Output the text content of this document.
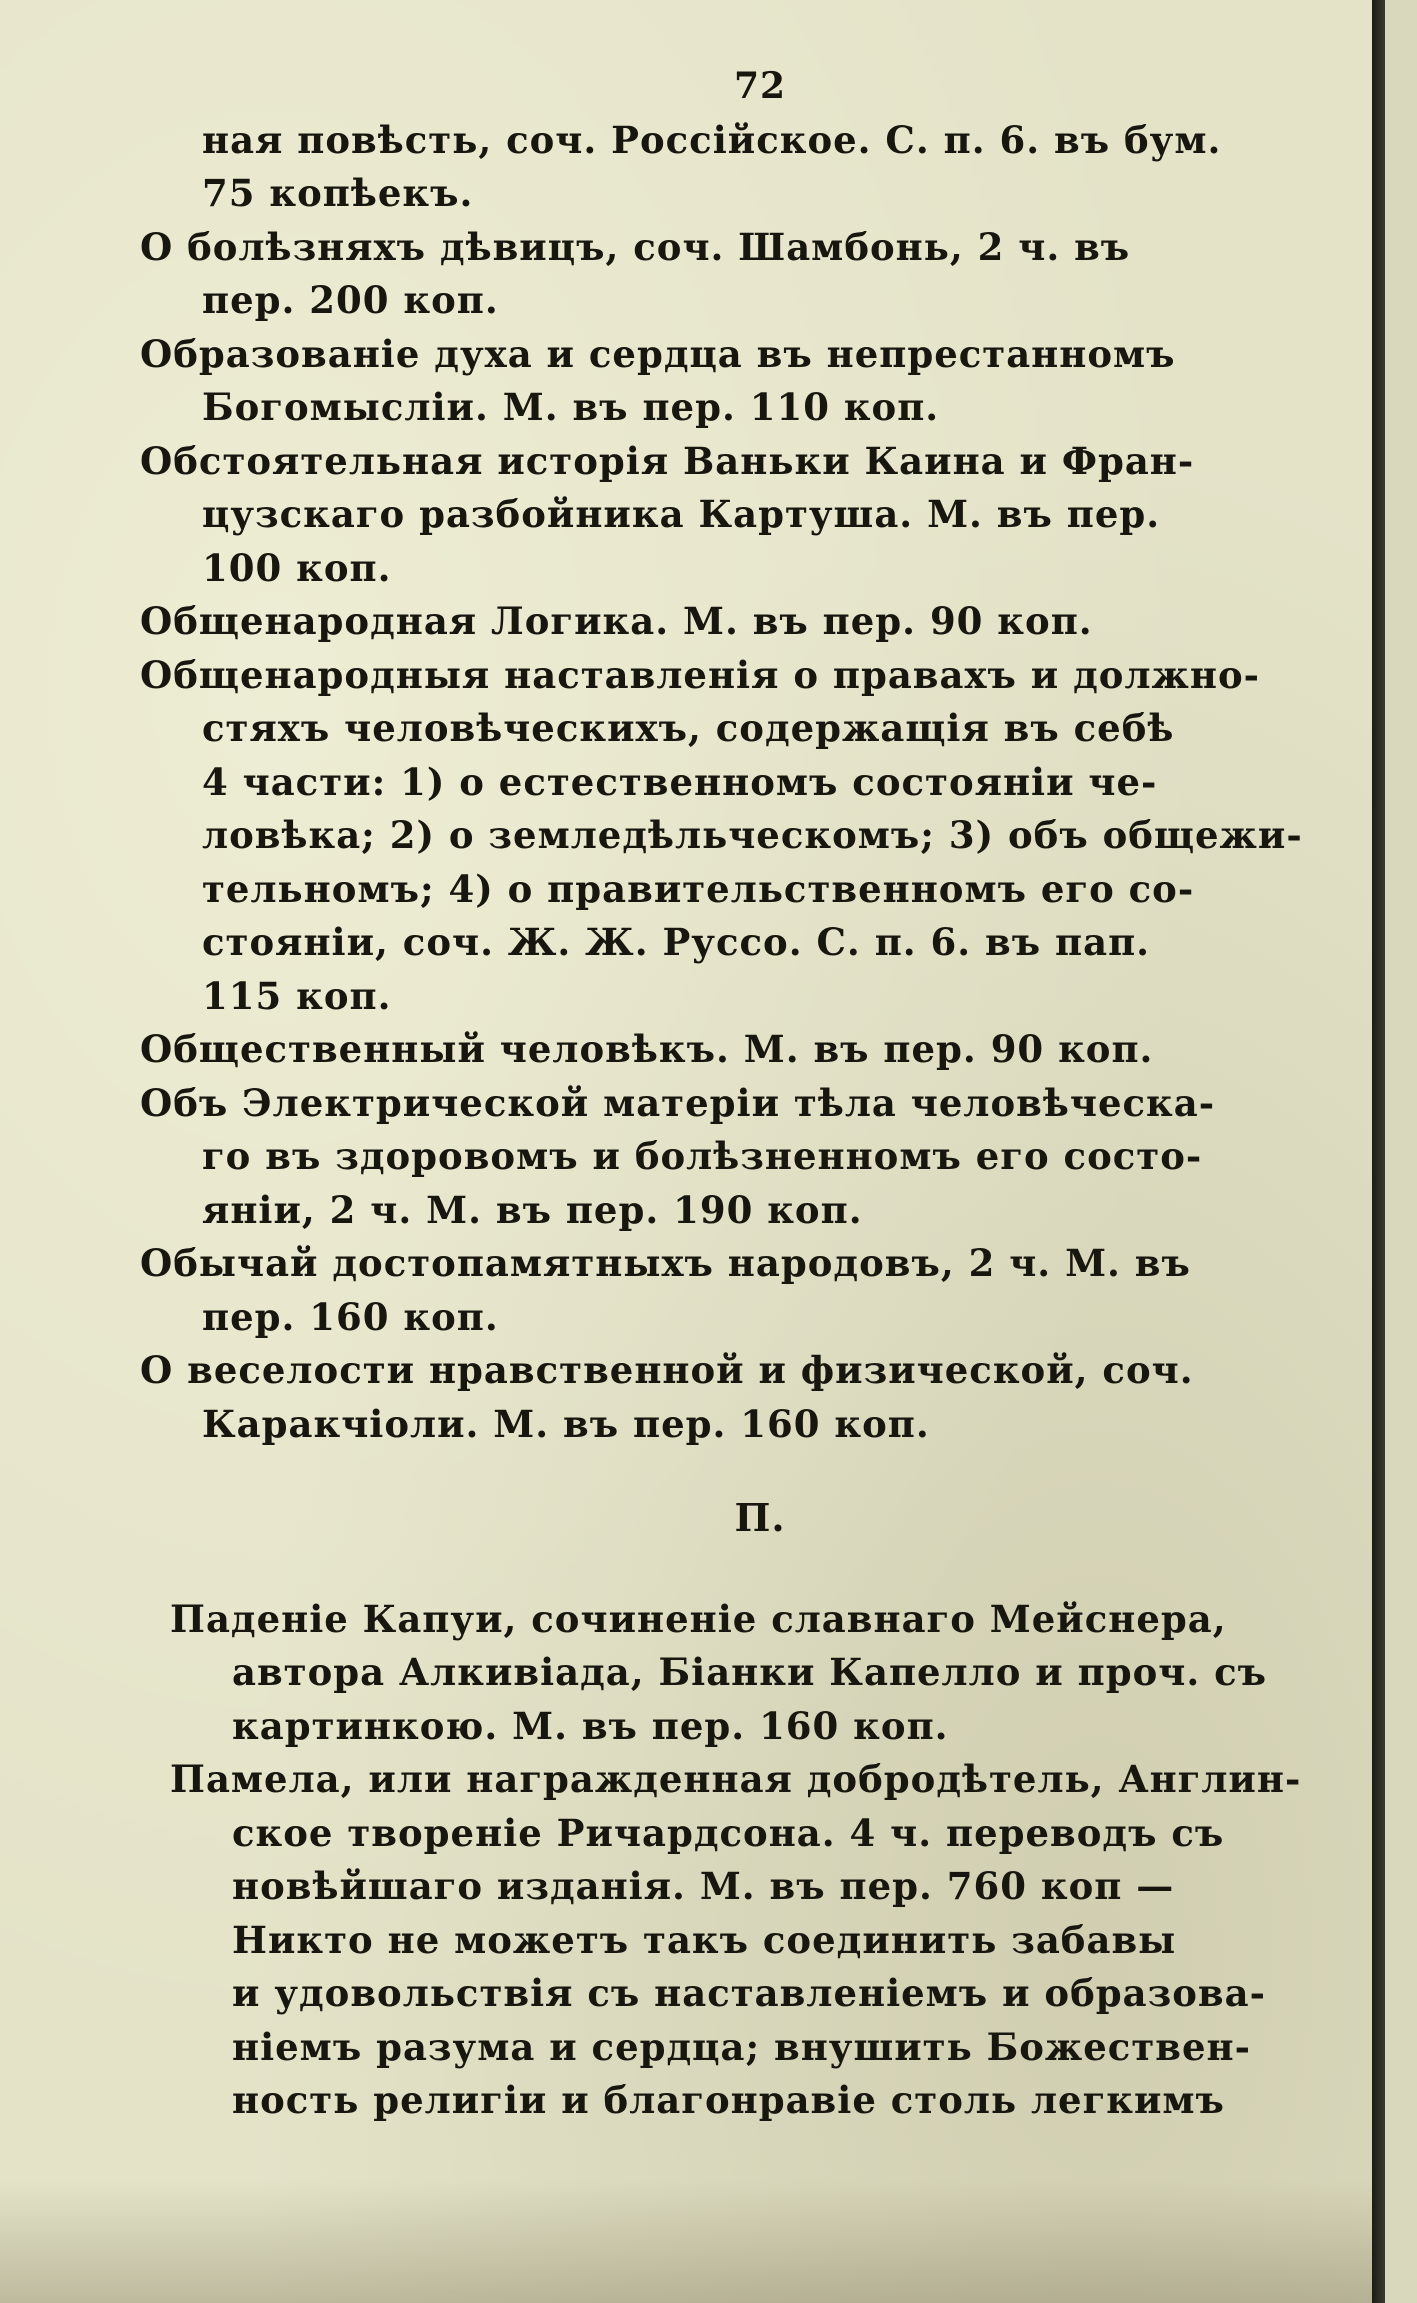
72
ная повѣсть, соч. Россійское. С. п. 6. въ бум.
75 копѣекъ.
О болѣзняхъ дѣвицъ, соч. Шамбонь, 2 ч. въ
пер. 200 коп.
Образованіе духа и сердца въ непрестанномъ
Богомысліи. М. въ пер. 110 коп.
Обстоятельная исторія Ваньки Каина и Фран-
цузскаго разбойника Картуша. М. въ пер.
100 коп.
Общенародная Логика. М. въ пер. 90 коп.
Общенародныя наставленія о правахъ и должно-
стяхъ человѣческихъ, содержащія въ себѣ
4 части: 1) о естественномъ состояніи че-
ловѣка; 2) о земледѣльческомъ; 3) объ общежи-
тельномъ; 4) о правительственномъ его со-
стояніи, соч. Ж. Ж. Руссо. С. п. 6. въ пап.
115 коп.
Общественный человѣкъ. М. въ пер. 90 коп.
Объ Электрической матеріи тѣла человѣческа-
го въ здоровомъ и болѣзненномъ его состо-
яніи, 2 ч. М. въ пер. 190 коп.
Обычай достопамятныхъ народовъ, 2 ч. М. въ
пер. 160 коп.
О веселости нравственной и физической, соч.
Каракчіоли. М. въ пер. 160 коп.
П.
Паденіе Капуи, сочиненіе славнаго Мейснера,
автора Алкивіада, Біанки Капелло и проч. съ
картинкою. М. въ пер. 160 коп.
Памела, или награжденная добродѣтель, Англин-
ское твореніе Ричардсона. 4 ч. переводъ съ
новѣйшаго изданія. М. въ пер. 760 коп —
Никто не можетъ такъ соединить забавы
и удовольствія съ наставленіемъ и образова-
ніемъ разума и сердца; внушить Божествен-
ность религіи и благонравіе столь легкимъ
